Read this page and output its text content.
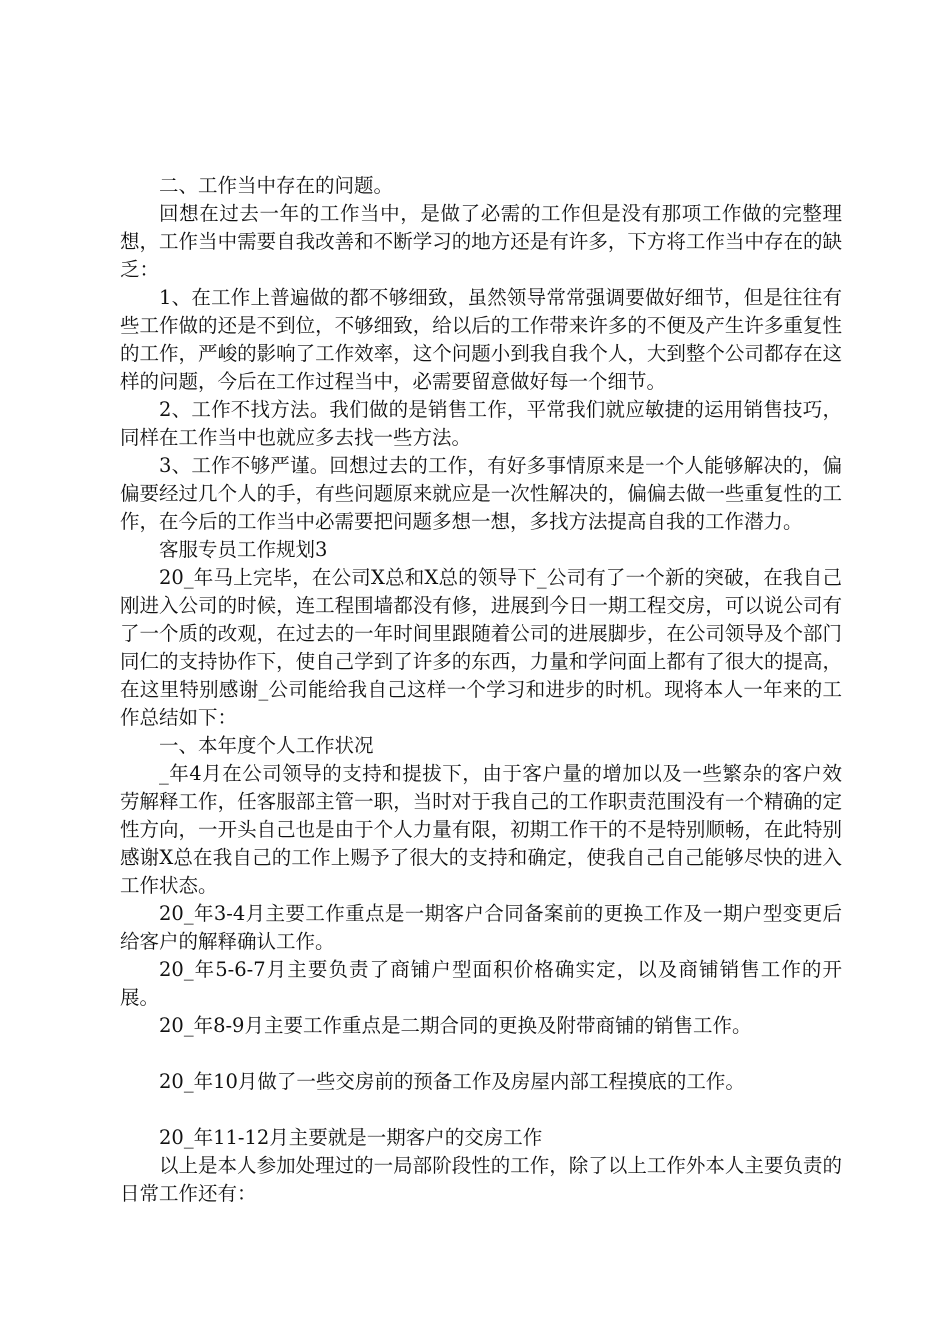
二、工作当中存在的问题。

回想在过去一年的工作当中，是做了必需的工作但是没有那项工作做的完整理想，工作当中需要自我改善和不断学习的地方还是有许多，下方将工作当中存在的缺乏：

1、在工作上普遍做的都不够细致，虽然领导常常强调要做好细节，但是往往有些工作做的还是不到位，不够细致，给以后的工作带来许多的不便及产生许多重复性的工作，严峻的影响了工作效率，这个问题小到我自我个人，大到整个公司都存在这样的问题，今后在工作过程当中，必需要留意做好每一个细节。

2、工作不找方法。我们做的是销售工作，平常我们就应敏捷的运用销售技巧，同样在工作当中也就应多去找一些方法。

3、工作不够严谨。回想过去的工作，有好多事情原来是一个人能够解决的，偏偏要经过几个人的手，有些问题原来就应是一次性解决的，偏偏去做一些重复性的工作，在今后的工作当中必需要把问题多想一想，多找方法提高自我的工作潜力。

客服专员工作规划3

20_年马上完毕，在公司X总和X总的领导下_公司有了一个新的突破，在我自己刚进入公司的时候，连工程围墙都没有修，进展到今日一期工程交房，可以说公司有了一个质的改观，在过去的一年时间里跟随着公司的进展脚步，在公司领导及个部门同仁的支持协作下，使自己学到了许多的东西，力量和学问面上都有了很大的提高，在这里特别感谢_公司能给我自己这样一个学习和进步的时机。现将本人一年来的工作总结如下：

一、本年度个人工作状况

_年4月在公司领导的支持和提拔下，由于客户量的增加以及一些繁杂的客户效劳解释工作，任客服部主管一职，当时对于我自己的工作职责范围没有一个精确的定性方向，一开头自己也是由于个人力量有限，初期工作干的不是特别顺畅，在此特别感谢X总在我自己的工作上赐予了很大的支持和确定，使我自己自己能够尽快的进入工作状态。

20_年3-4月主要工作重点是一期客户合同备案前的更换工作及一期户型变更后给客户的解释确认工作。

20_年5-6-7月主要负责了商铺户型面积价格确实定，以及商铺销售工作的开展。

20_年8-9月主要工作重点是二期合同的更换及附带商铺的销售工作。

20_年10月做了一些交房前的预备工作及房屋内部工程摸底的工作。

20_年11-12月主要就是一期客户的交房工作

以上是本人参加处理过的一局部阶段性的工作，除了以上工作外本人主要负责的日常工作还有：
